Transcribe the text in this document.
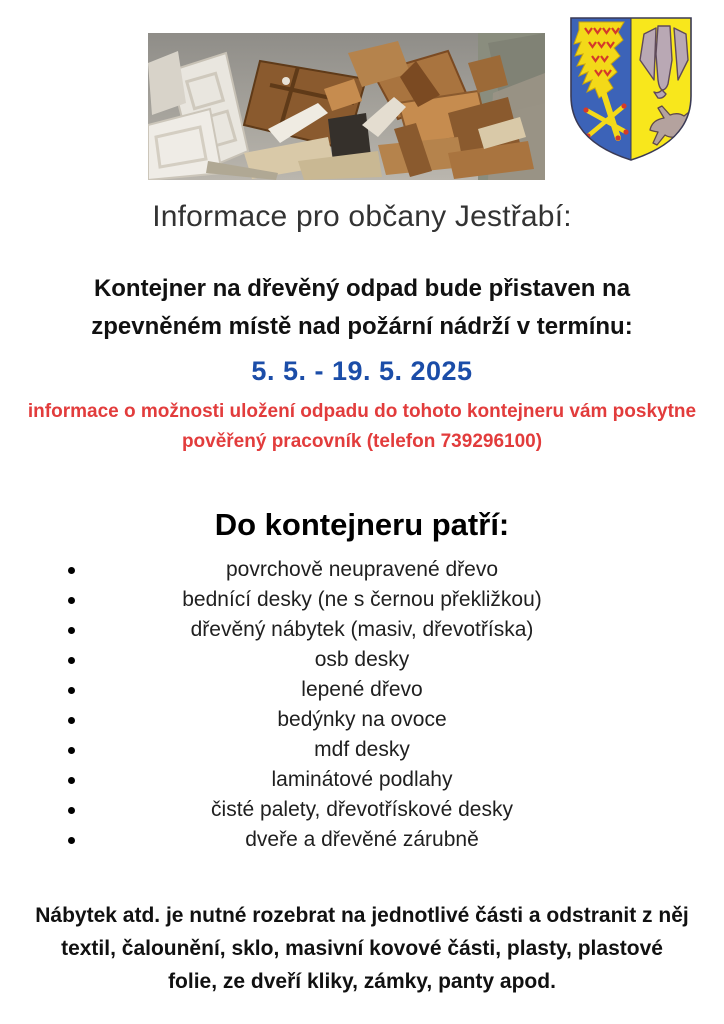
Informace pro občany Jestřabí:

Kontejner na dřevěný odpad bude přistaven na zpevněném místě nad požární nádrží v termínu:

5. 5. - 19. 5. 2025

informace o možnosti uložení odpadu do tohoto kontejneru vám poskytne pověřený pracovník (telefon 739296100)

Do kontejneru patří:
povrchově neupravené dřevo
bednící desky (ne s černou překližkou)
dřevěný nábytek (masiv, dřevotříska)
osb desky
lepené dřevo
bedýnky na ovoce
mdf desky
laminátové podlahy
čisté palety, dřevotřískové desky
dveře a dřevěné zárubně

Nábytek atd. je nutné rozebrat na jednotlivé části a odstranit z něj textil, čalounění, sklo, masivní kovové části, plasty, plastové folie, ze dveří kliky, zámky, panty apod.
